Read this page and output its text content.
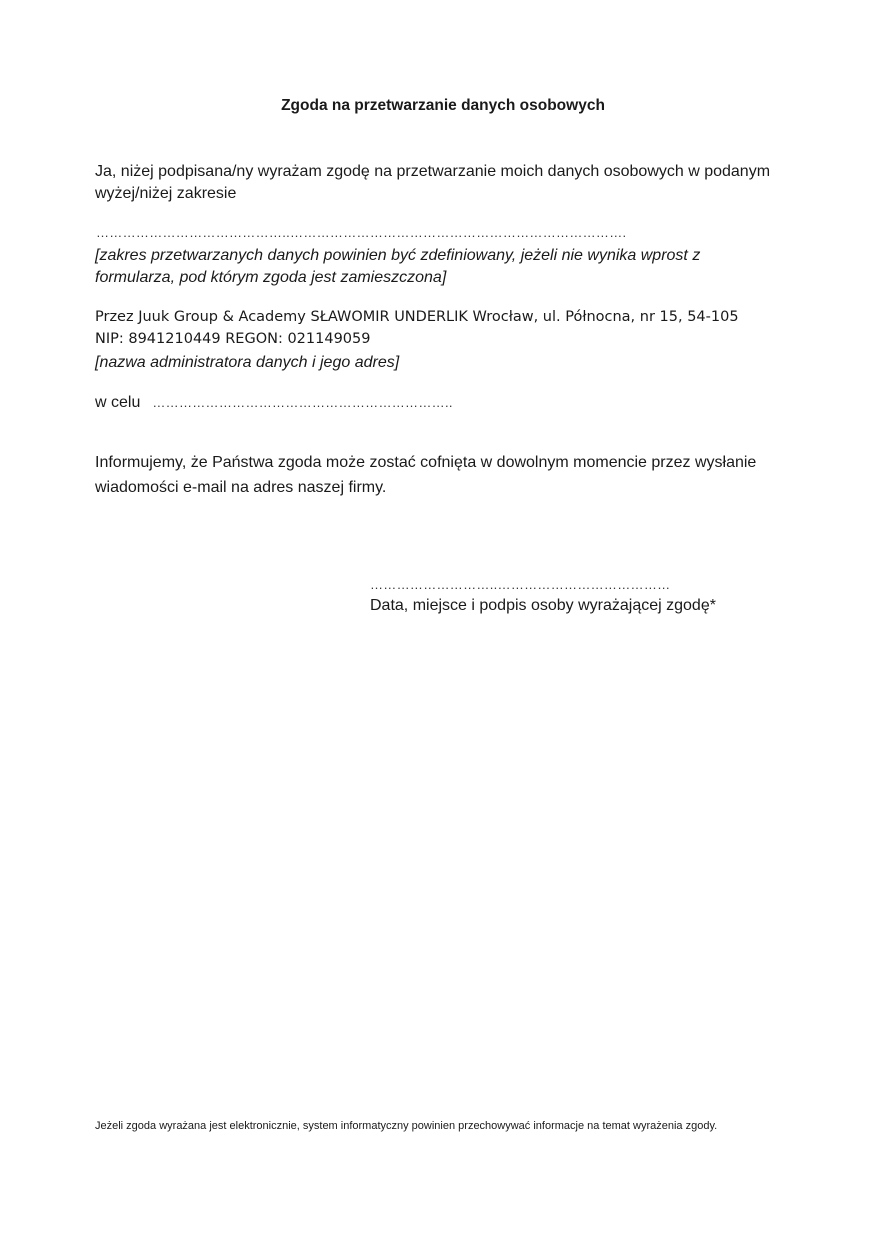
Zgoda na przetwarzanie danych osobowych

Ja, niżej podpisana/ny wyrażam zgodę na przetwarzanie moich danych osobowych w podanym wyżej/niżej zakresie

……………………………………..………………………………………………………………….

[zakres przetwarzanych danych powinien być zdefiniowany, jeżeli nie wynika wprost z formularza, pod którym zgoda jest zamieszczona]

Przez Juuk Group & Academy SŁAWOMIR UNDERLIK Wrocław, ul. Północna, nr 15, 54-105
NIP: 8941210449 REGON: 021149059

[nazwa administratora danych i jego adres]

w celu …………………………………………………………..

Informujemy, że Państwa zgoda może zostać cofnięta w dowolnym momencie przez wysłanie wiadomości e-mail na adres naszej firmy.

………………………..…………………………………
Data, miejsce i podpis osoby wyrażającej zgodę*

Jeżeli zgoda wyrażana jest elektronicznie, system informatyczny powinien przechowywać informacje na temat wyrażenia zgody.
